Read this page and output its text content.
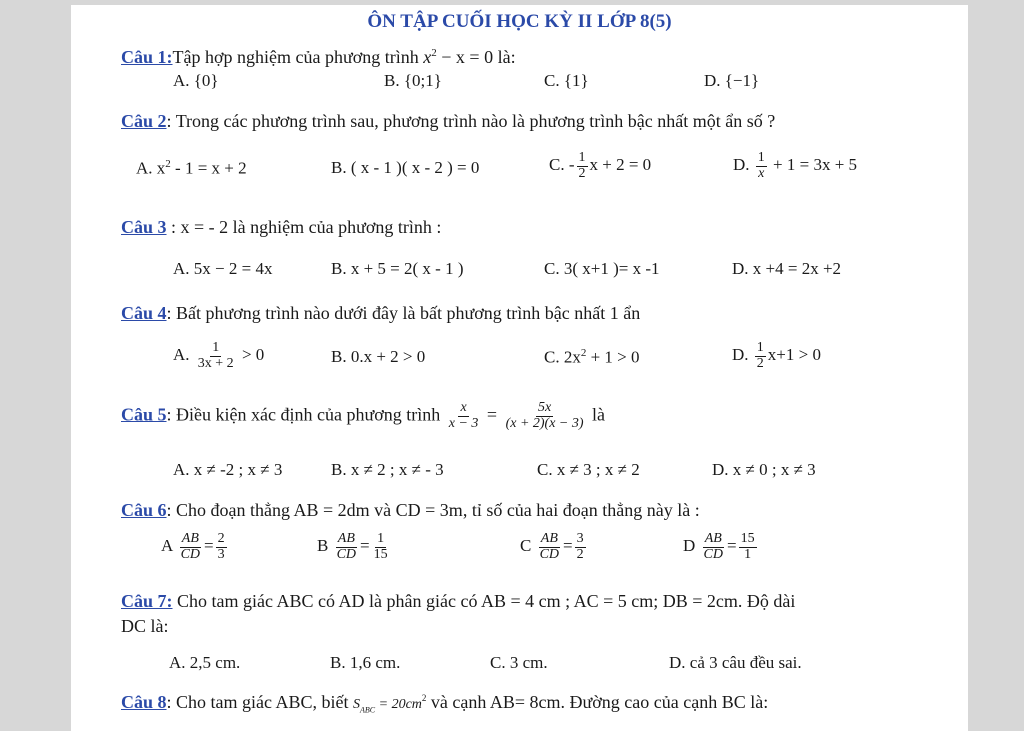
ÔN TẬP CUỐI HỌC KỲ II LỚP 8(5)
Câu 1:Tập hợp nghiệm của phương trình $x^2 - x = 0$ là:
A. {0}	B. {0;1}	C. {1}	D. {−1}
Câu 2: Trong các phương trình sau, phương trình nào là phương trình bậc nhất một ẩn số ?
A. $x^2 - 1 = x + 2$	B. ( x - 1 )( x - 2 ) = 0	C. - $\frac{1}{2}$ x + 2 = 0	D. $\frac{1}{x} + 1 = 3x + 5$
Câu 3 : x = - 2 là nghiệm của phương trình :
A. 5x − 2 = 4x	B. x + 5 = 2( x - 1 )	C. 3( x+1 )= x -1	D. x +4 = 2x +2
Câu 4: Bất phương trình nào dưới đây là bất phương trình bậc nhất 1 ẩn
A. $\frac{1}{3x + 2} > 0$	B. 0.x + 2 > 0	C. $2x^2 + 1 > 0$	D. $\frac{1}{2} x+1 > 0$
Câu 5: Điều kiện xác định của phương trình $\frac{x}{x - 3} = \frac{5x}{(x + 2)(x - 3)}$ là
A. x ≠ -2 ; x ≠ 3	B. x ≠ 2 ; x ≠ - 3	C. x ≠ 3 ; x ≠ 2	D. x ≠ 0 ; x ≠ 3
Câu 6: Cho đoạn thẳng AB = 2dm và CD = 3m, tỉ số của hai đoạn thẳng này là :
A $\frac{AB}{CD} = \frac{2}{3}$	B $\frac{AB}{CD} = \frac{1}{15}$	C $\frac{AB}{CD} = \frac{3}{2}$	D $\frac{AB}{CD} = \frac{15}{1}$
Câu 7: Cho tam giác ABC có AD là phân giác có AB = 4 cm ; AC = 5 cm; DB = 2cm. Độ dài
DC là:
A. 2,5 cm.	B. 1,6 cm.	C. 3 cm.	D. cả 3 câu đều sai.
Câu 8: Cho tam giác ABC, biết $S_{ABC} = 20cm^2$ và cạnh AB= 8cm. Đường cao của cạnh BC là:
